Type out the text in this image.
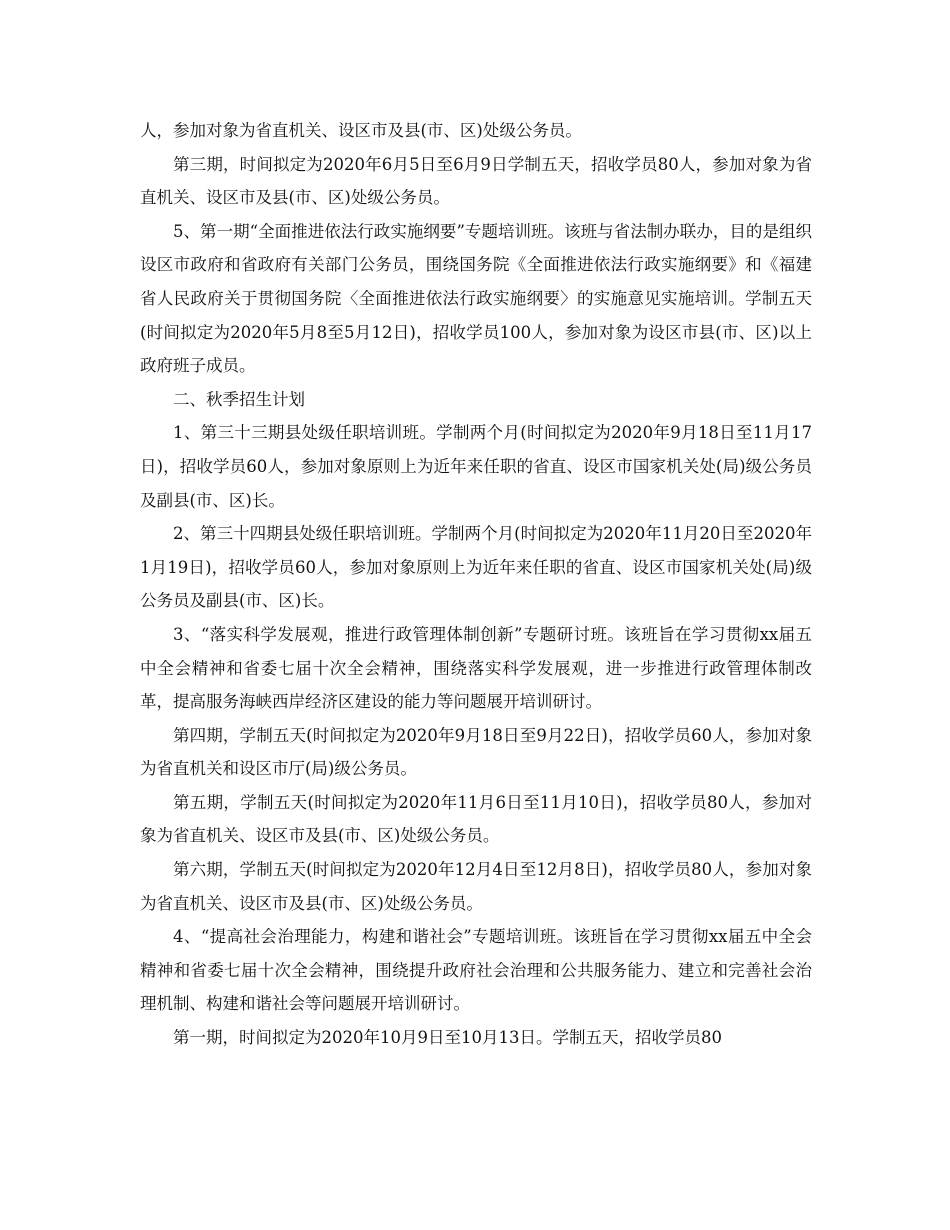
人，参加对象为省直机关、设区市及县(市、区)处级公务员。

第三期，时间拟定为2020年6月5日至6月9日学制五天，招收学员80人，参加对象为省直机关、设区市及县(市、区)处级公务员。

5、第一期“全面推进依法行政实施纲要”专题培训班。该班与省法制办联办，目的是组织设区市政府和省政府有关部门公务员，围绕国务院《全面推进依法行政实施纲要》和《福建省人民政府关于贯彻国务院〈全面推进依法行政实施纲要〉的实施意见实施培训。学制五天(时间拟定为2020年5月8至5月12日)，招收学员100人，参加对象为设区市县(市、区)以上政府班子成员。

二、秋季招生计划

1、第三十三期县处级任职培训班。学制两个月(时间拟定为2020年9月18日至11月17日)，招收学员60人，参加对象原则上为近年来任职的省直、设区市国家机关处(局)级公务员及副县(市、区)长。

2、第三十四期县处级任职培训班。学制两个月(时间拟定为2020年11月20日至2020年1月19日)，招收学员60人，参加对象原则上为近年来任职的省直、设区市国家机关处(局)级公务员及副县(市、区)长。

3、“落实科学发展观，推进行政管理体制创新”专题研讨班。该班旨在学习贯彻xx届五中全会精神和省委七届十次全会精神，围绕落实科学发展观，进一步推进行政管理体制改革，提高服务海峡西岸经济区建设的能力等问题展开培训研讨。

第四期，学制五天(时间拟定为2020年9月18日至9月22日)，招收学员60人，参加对象为省直机关和设区市厅(局)级公务员。

第五期，学制五天(时间拟定为2020年11月6日至11月10日)，招收学员80人，参加对象为省直机关、设区市及县(市、区)处级公务员。

第六期，学制五天(时间拟定为2020年12月4日至12月8日)，招收学员80人，参加对象为省直机关、设区市及县(市、区)处级公务员。

4、“提高社会治理能力，构建和谐社会”专题培训班。该班旨在学习贯彻xx届五中全会精神和省委七届十次全会精神，围绕提升政府社会治理和公共服务能力、建立和完善社会治理机制、构建和谐社会等问题展开培训研讨。

第一期，时间拟定为2020年10月9日至10月13日。学制五天，招收学员80
